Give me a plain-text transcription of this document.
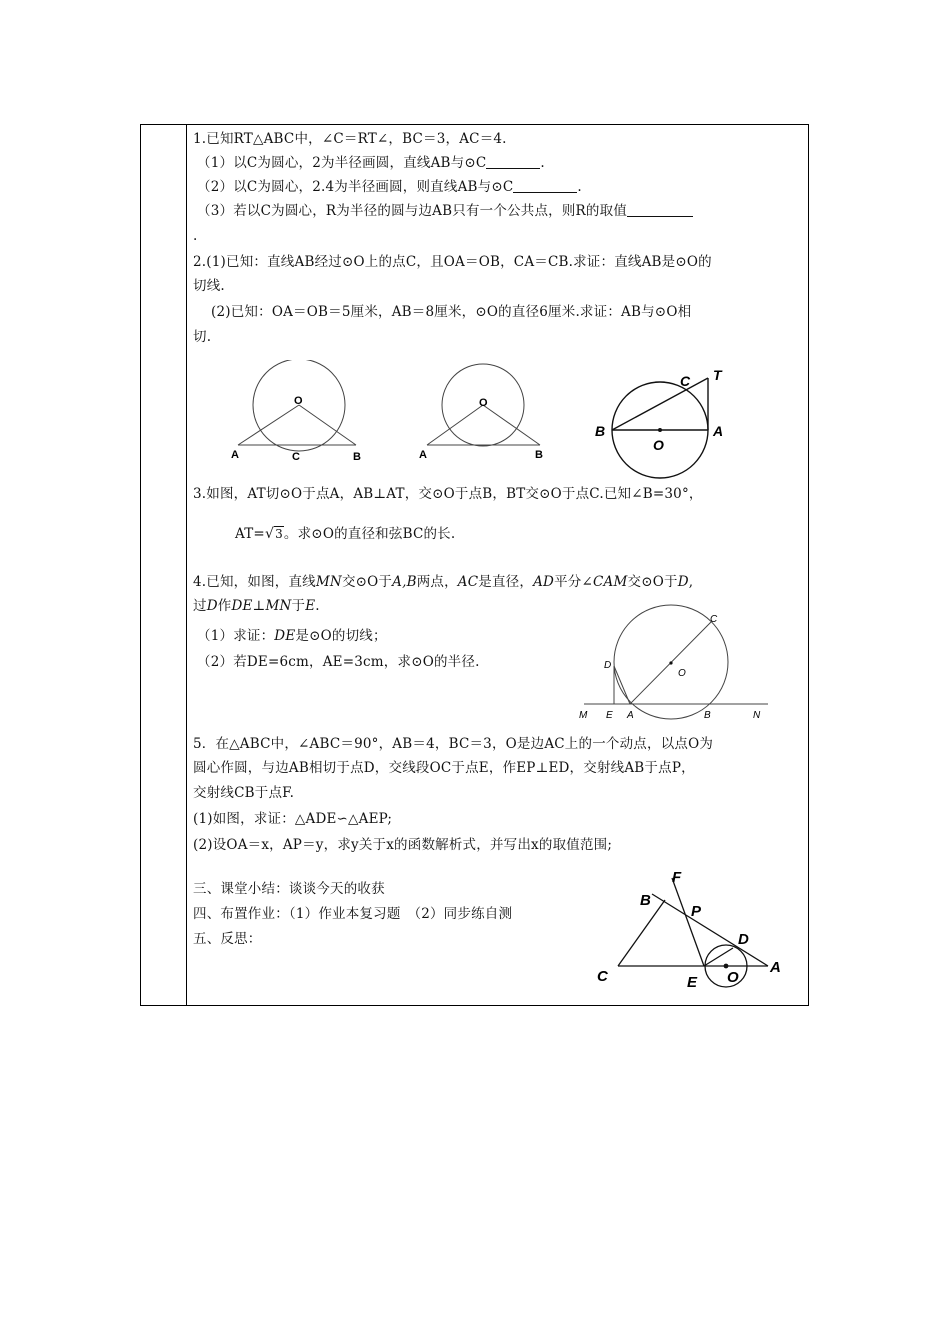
1.已知RT△ABC中，∠C＝RT∠，BC＝3，AC＝4.
（1）以C为圆心，2为半径画圆，直线AB与⊙C	.
（2）以C为圆心，2.4为半径画圆，则直线AB与⊙C	.
（3）若以C为圆心，R为半径的圆与边AB只有一个公共点，则R的取值
.
2.(1)已知：直线AB经过⊙O上的点C，且OA＝OB，CA＝CB.求证：直线AB是⊙O的
切线.
(2)已知：OA＝OB＝5厘米，AB＝8厘米，⊙O的直径6厘米.求证：AB与⊙O相
切.
3.如图，AT切⊙O于点A，AB⊥AT，交⊙O于点B，BT交⊙O于点C.已知∠B=30°，
AT=√3。求⊙O的直径和弦BC的长.
4.已知，如图，直线MN交⊙O于A,B两点，AC是直径，AD平分∠CAM交⊙O于D,
过D作DE⊥MN于E.
（1）求证：DE是⊙O的切线；
（2）若DE=6cm，AE=3cm，求⊙O的半径.
5．在△ABC中，∠ABC＝90°，AB＝4，BC＝3，O是边AC上的一个动点，以点O为
圆心作圆，与边AB相切于点D，交线段OC于点E，作EP⊥ED，交射线AB于点P，
交射线CB于点F.
(1)如图，求证：△ADE∽△AEP;
(2)设OA＝x，AP＝y，求y关于x的函数解析式，并写出x的取值范围;
三、课堂小结：谈谈今天的收获
四、布置作业：（1）作业本复习题　（2）同步练自测
五、反思：
O
A	C	B
O
A	B
C T
B
O
A
C
D
O
M E A	B	N
F
B
P
D
C	O
A
E
